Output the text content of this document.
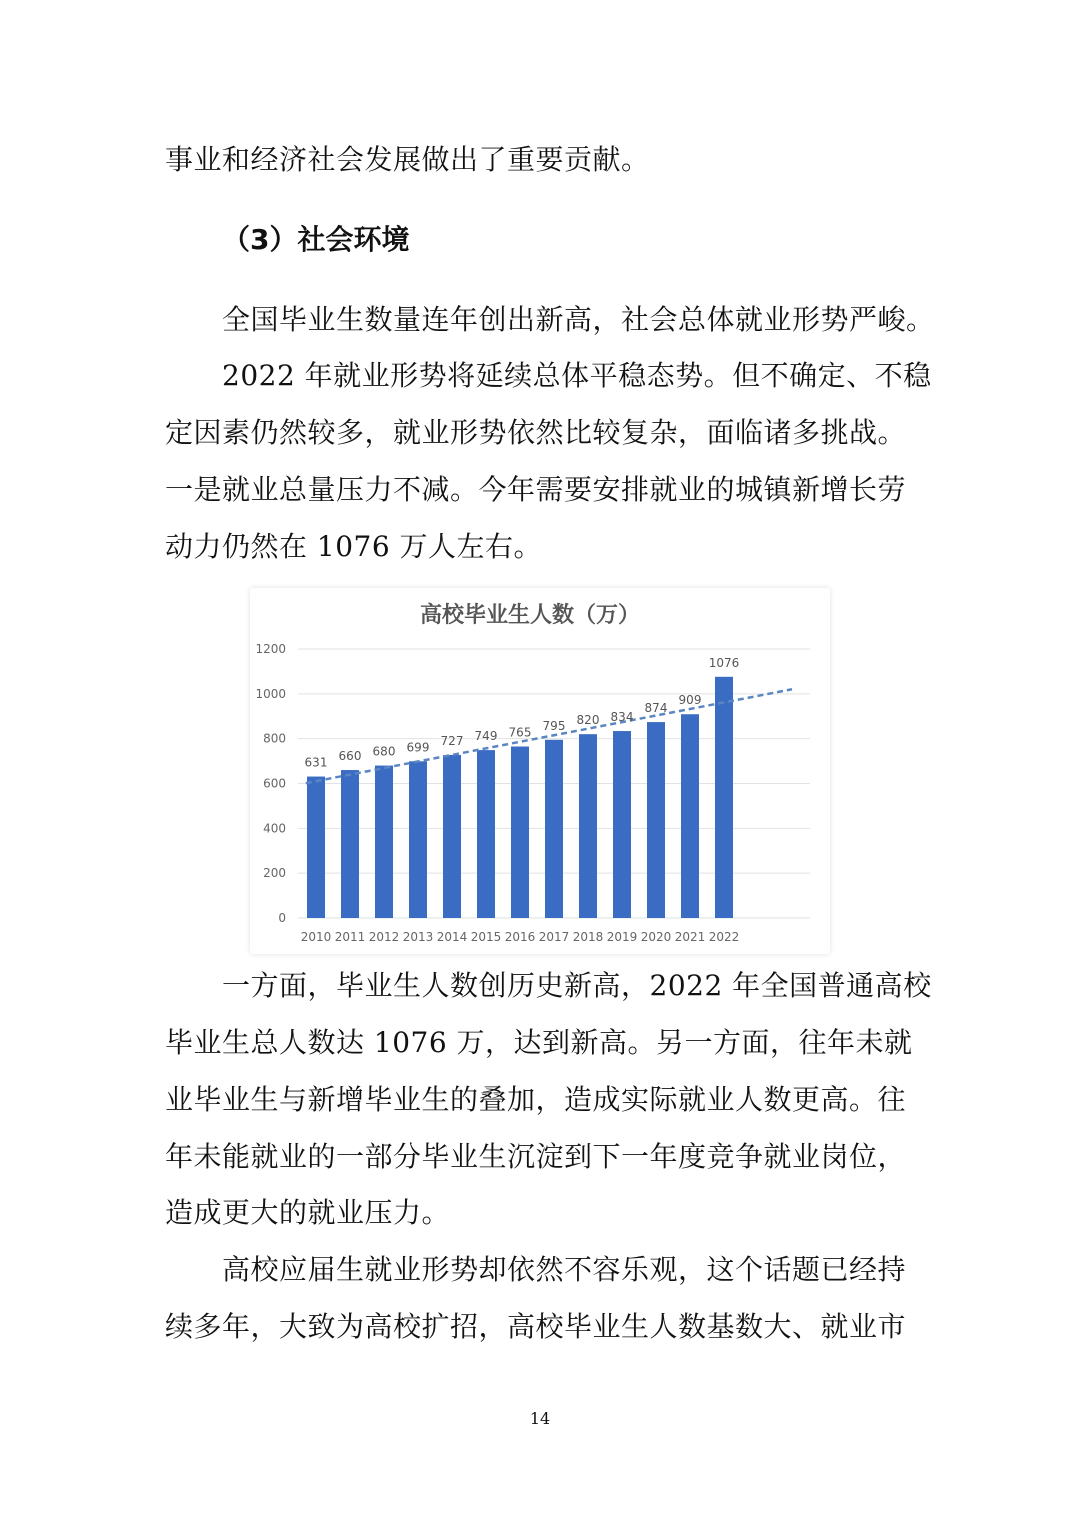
事业和经济社会发展做出了重要贡献。
（3）社会环境
全国毕业生数量连年创出新高，社会总体就业形势严峻。
2022 年就业形势将延续总体平稳态势。但不确定、不稳
定因素仍然较多，就业形势依然比较复杂，面临诸多挑战。
一是就业总量压力不减。今年需要安排就业的城镇新增长劳
动力仍然在 1076 万人左右。
高校毕业生人数（万）
631 660 680 699 727 749 765 795 820 834
874
909
1076
0
200
400
600
800
1000
1200
2010 2011 2012 2013 2014 2015 2016 2017 2018 2019 2020 2021 2022
一方面，毕业生人数创历史新高，2022 年全国普通高校
毕业生总人数达 1076 万，达到新高。另一方面，往年未就
业毕业生与新增毕业生的叠加，造成实际就业人数更高。往
年未能就业的一部分毕业生沉淀到下一年度竞争就业岗位，
造成更大的就业压力。
高校应届生就业形势却依然不容乐观，这个话题已经持
续多年，大致为高校扩招，高校毕业生人数基数大、就业市
14
